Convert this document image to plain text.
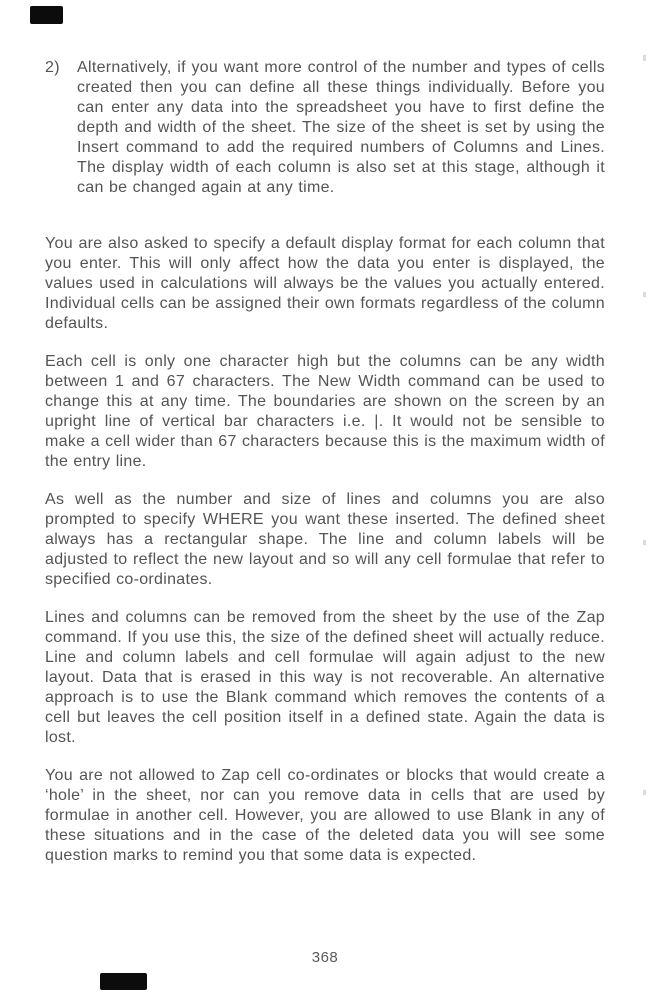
2)	Alternatively, if you want more control of the number and types of cells created then you can define all these things individually. Before you can enter any data into the spreadsheet you have to first define the depth and width of the sheet. The size of the sheet is set by using the Insert command to add the required numbers of Columns and Lines. The display width of each column is also set at this stage, although it can be changed again at any time.

You are also asked to specify a default display format for each column that you enter. This will only affect how the data you enter is displayed, the values used in calculations will always be the values you actually entered. Individual cells can be assigned their own formats regardless of the column defaults.

Each cell is only one character high but the columns can be any width between 1 and 67 characters. The New Width command can be used to change this at any time. The boundaries are shown on the screen by an upright line of vertical bar characters i.e. |. It would not be sensible to make a cell wider than 67 characters because this is the maximum width of the entry line.

As well as the number and size of lines and columns you are also prompted to specify WHERE you want these inserted. The defined sheet always has a rectangular shape. The line and column labels will be adjusted to reflect the new layout and so will any cell formulae that refer to specified co-ordinates.

Lines and columns can be removed from the sheet by the use of the Zap command. If you use this, the size of the defined sheet will actually reduce. Line and column labels and cell formulae will again adjust to the new layout. Data that is erased in this way is not recoverable. An alternative approach is to use the Blank command which removes the contents of a cell but leaves the cell position itself in a defined state. Again the data is lost.

You are not allowed to Zap cell co-ordinates or blocks that would create a ‘hole’ in the sheet, nor can you remove data in cells that are used by formulae in another cell. However, you are allowed to use Blank in any of these situations and in the case of the deleted data you will see some question marks to remind you that some data is expected.

368
